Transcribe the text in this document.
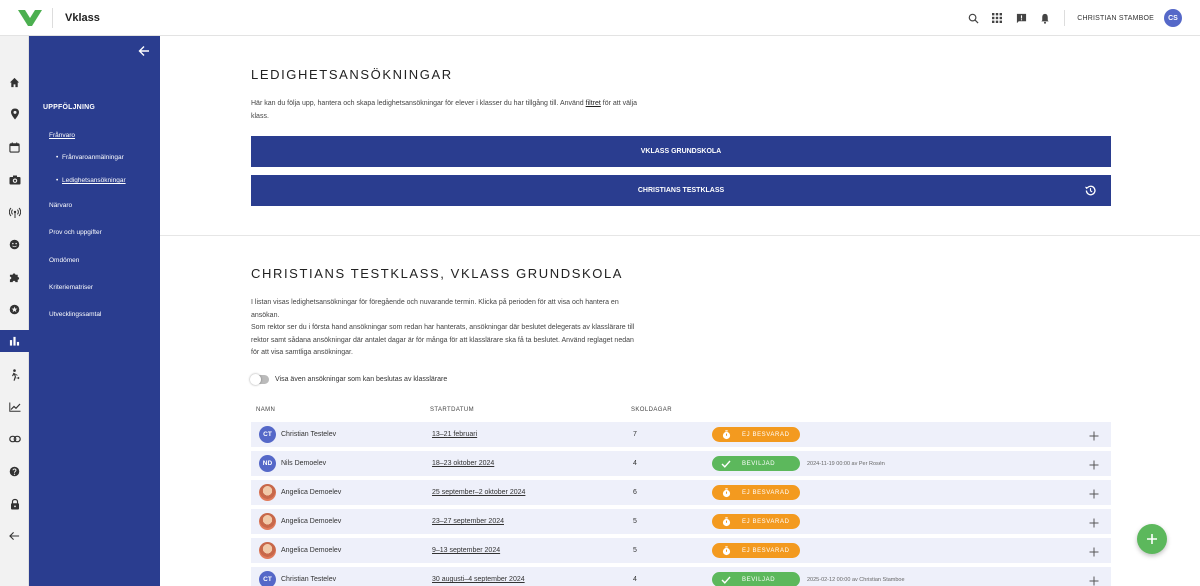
Vklass	CHRISTIAN STAMBOE	CS
UPPFÖLJNING
Frånvaro
• Frånvaroanmälningar
• Ledighetsansökningar
Närvaro
Prov och uppgifter
Omdömen
Kriteriematriser
Utvecklingssamtal
LEDIGHETSANSÖKNINGAR
Här kan du följa upp, hantera och skapa ledighetsansökningar för elever i klasser du har tillgång till. Använd filtret för att välja
klass.
VKLASS GRUNDSKOLA
CHRISTIANS TESTKLASS
CHRISTIANS TESTKLASS, VKLASS GRUNDSKOLA
I listan visas ledighetsansökningar för föregående och nuvarande termin. Klicka på perioden för att visa och hantera en
ansökan.
Som rektor ser du i första hand ansökningar som redan har hanterats, ansökningar där beslutet delegerats av klasslärare till
rektor samt sådana ansökningar där antalet dagar är för många för att klasslärare ska få ta beslutet. Använd reglaget nedan
för att visa samtliga ansökningar.
Visa även ansökningar som kan beslutas av klasslärare
NAMN	STARTDATUM	SKOLDAGAR
CT	Christian Testelev	13–21 februari	7	EJ BESVARAD
ND	Nils Demoelev	18–23 oktober 2024	4	BEVILJAD	2024-11-19 00:00 av Per Rosén
Angelica Demoelev	25 september–2 oktober 2024	6	EJ BESVARAD
Angelica Demoelev	23–27 september 2024	5	EJ BESVARAD
Angelica Demoelev	9–13 september 2024	5	EJ BESVARAD
CT	Christian Testelev	30 augusti–4 september 2024	4	BEVILJAD	2025-02-12 00:00 av Christian Stamboe
